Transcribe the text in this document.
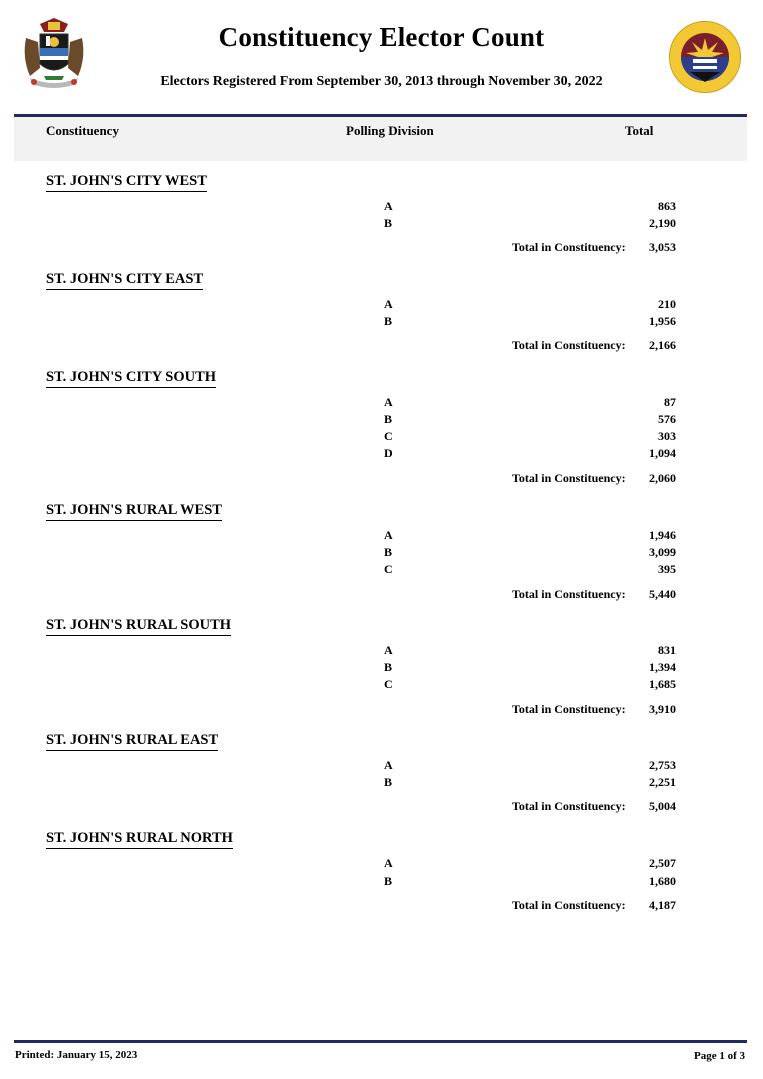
Constituency Elector Count
Electors Registered From September 30, 2013 through November 30, 2022
Constituency	Polling Division	Total
ST. JOHN'S CITY WEST
A	863
B	2,190
Total in Constituency: 3,053
ST. JOHN'S CITY EAST
A	210
B	1,956
Total in Constituency: 2,166
ST. JOHN'S CITY SOUTH
A	87
B	576
C	303
D	1,094
Total in Constituency: 2,060
ST. JOHN'S RURAL WEST
A	1,946
B	3,099
C	395
Total in Constituency: 5,440
ST. JOHN'S RURAL SOUTH
A	831
B	1,394
C	1,685
Total in Constituency: 3,910
ST. JOHN'S RURAL EAST
A	2,753
B	2,251
Total in Constituency: 5,004
ST. JOHN'S RURAL NORTH
A	2,507
B	1,680
Total in Constituency: 4,187
Printed: January 15, 2023	Page 1 of 3
